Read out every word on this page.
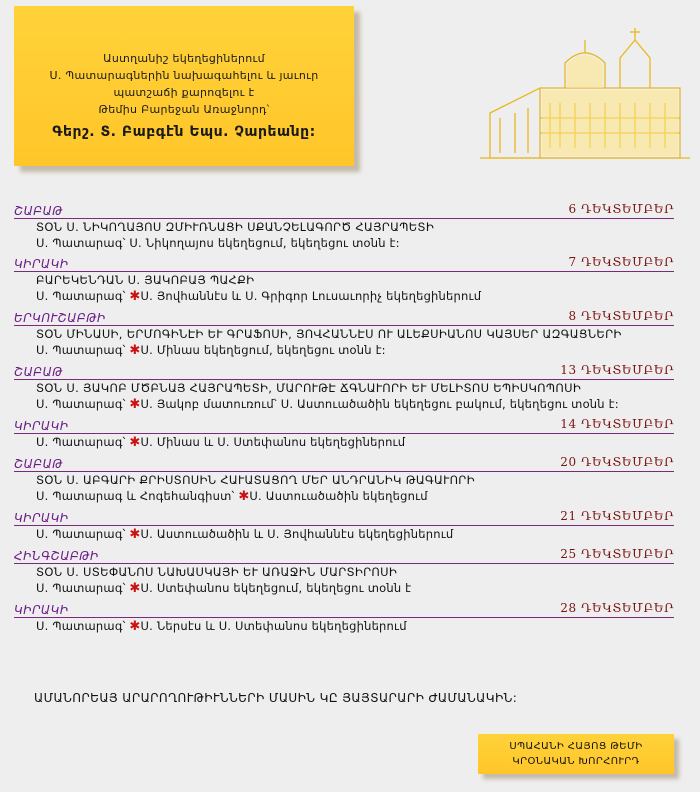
Աստղանիշ եկեղեցիներում
Ս. Պատարագներին նախագահելու և յաւուր
պատշաճի քարոզելու է
Թեմիս Բարեջան Առաջնորդ՝
Գերշ. Տ. Բաբգէն Եպս. Չարեանը:
ՇԱԲԱԹ	6 ԴԵԿՏԵՄԲԵՐ
ՏՕՆ Ս. ՆԻԿՈՂԱՅՈՍ ԶՄԻՒՌՆԱՑԻ ՍՔԱՆՉԵԼԱԳՈՐԾ ՀԱՅՐԱՊԵՏԻ
Ս. Պատարագ՝ Ս. Նիկողայոս եկեղեցում, եկեղեցու տօնն է:
ԿԻՐԱԿԻ	7 ԴԵԿՏԵՄԲԵՐ
ԲԱՐԵԿԵՆԴԱՆ Ս. ՅԱԿՈԲԱՅ ՊԱՀՔԻ
Ս. Պատարագ՝ ✱Ս. Յովհաննէս և Ս. Գրիգոր Լուսաւորիչ եկեղեցիներում
ԵՐԿՈՒՇԱԲԹԻ	8 ԴԵԿՏԵՄԲԵՐ
ՏՕՆ ՄԻՆԱՍԻ, ԵՐՄՈԳԻՆԷԻ ԵՒ ԳՐԱՖՈՍԻ, ՅՈՎՀԱՆՆԷՍ ՈՒ ԱԼԵՔՍԻԱՆՈՍ ԿԱՅՍԵՐ ԱԶԳԱՑՆԵՐԻ
Ս. Պատարագ՝ ✱Ս. Մինաս եկեղեցում, եկեղեցու տօնն է:
ՇԱԲԱԹ	13 ԴԵԿՏԵՄԲԵՐ
ՏՕՆ Ս. ՅԱԿՈԲ ՄԾԲՆԱՅ ՀԱՅՐԱՊԵՏԻ, ՄԱՐՈՒԹԷ ՃԳՆԱՒՈՐԻ ԵՒ ՄԵԼԻՏՈՍ ԵՊԻՍԿՈՊՈՍԻ
Ս. Պատարագ՝ ✱Ս. Յակոբ մատուռում՝ Ս. Աստուածածին եկեղեցու բակում, եկեղեցու տօնն է:
ԿԻՐԱԿԻ	14 ԴԵԿՏԵՄԲԵՐ
Ս. Պատարագ՝ ✱Ս. Մինաս և Ս. Ստեփանոս եկեղեցիներում
ՇԱԲԱԹ	20 ԴԵԿՏԵՄԲԵՐ
ՏՕՆ Ս. ԱԲԳԱՐԻ ՔՐԻՍՏՈՍԻՆ ՀԱՒԱՏԱՑՈՂ ՄԵՐ ԱՆԴՐԱՆԻԿ ԹԱԳԱՒՈՐԻ
Ս. Պատարագ և Հոգեհանգիստ՝ ✱Ս. Աստուածածին եկեղեցում
ԿԻՐԱԿԻ	21 ԴԵԿՏԵՄԲԵՐ
Ս. Պատարագ՝ ✱Ս. Աստուածածին և Ս. Յովհաննէս եկեղեցիներում
ՀԻՆԳՇԱԲԹԻ	25 ԴԵԿՏԵՄԲԵՐ
ՏՕՆ Ս. ՍՏԵՓԱՆՈՍ ՆԱԽԱՍԿԱՅԻ ԵՒ ԱՌԱՋԻՆ ՄԱՐՏԻՐՈՍԻ
Ս. Պատարագ՝ ✱Ս. Ստեփանոս եկեղեցում, եկեղեցու տօնն է
ԿԻՐԱԿԻ	28 ԴԵԿՏԵՄԲԵՐ
Ս. Պատարագ՝ ✱Ս. Ներսէս և Ս. Ստեփանոս եկեղեցիներում
ԱՄԱՆՈՐԵԱՅ ԱՐԱՐՈՂՈՒԹԻՒՆՆԵՐԻ ՄԱՍԻՆ ԿԸ ՅԱՅՏԱՐԱՐԻ ԺԱՄԱՆԱԿԻՆ:
ՍՊԱՀԱՆԻ ՀԱՅՈՑ ԹԵՄԻ
ԿՐՕՆԱԿԱՆ ԽՈՐՀՈՒՐԴ
